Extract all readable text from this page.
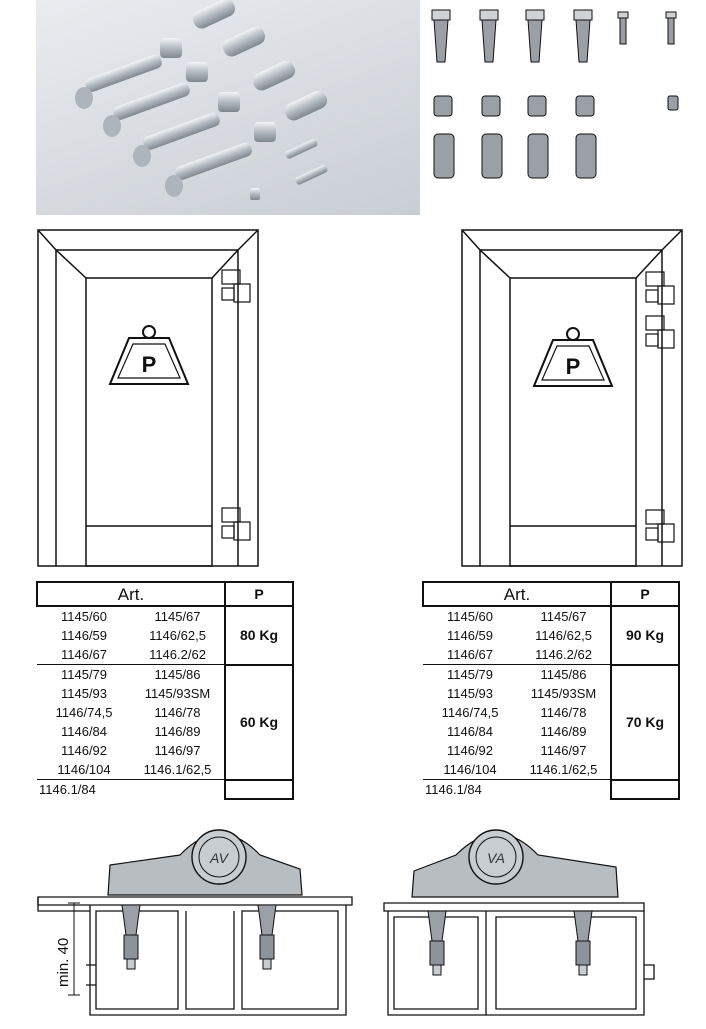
P	P
Art.		P
1145/60	1145/67	80 Kg
1146/59	1146/62,5	
1146/67	1146.2/62	
1145/79	1145/86	60 Kg
1145/93	1145/93SM	
1146/74,5	1146/78	
1146/84	1146/89	
1146/92	1146/97	
1146/104	1146.1/62,5	
1146.1/84		
Art.		P
1145/60	1145/67	90 Kg
1146/59	1146/62,5	
1146/67	1146.2/62	
1145/79	1145/86	70 Kg
1145/93	1145/93SM	
1146/74,5	1146/78	
1146/84	1146/89	
1146/92	1146/97	
1146/104	1146.1/62,5	
1146.1/84		
AV
min. 40
VA
